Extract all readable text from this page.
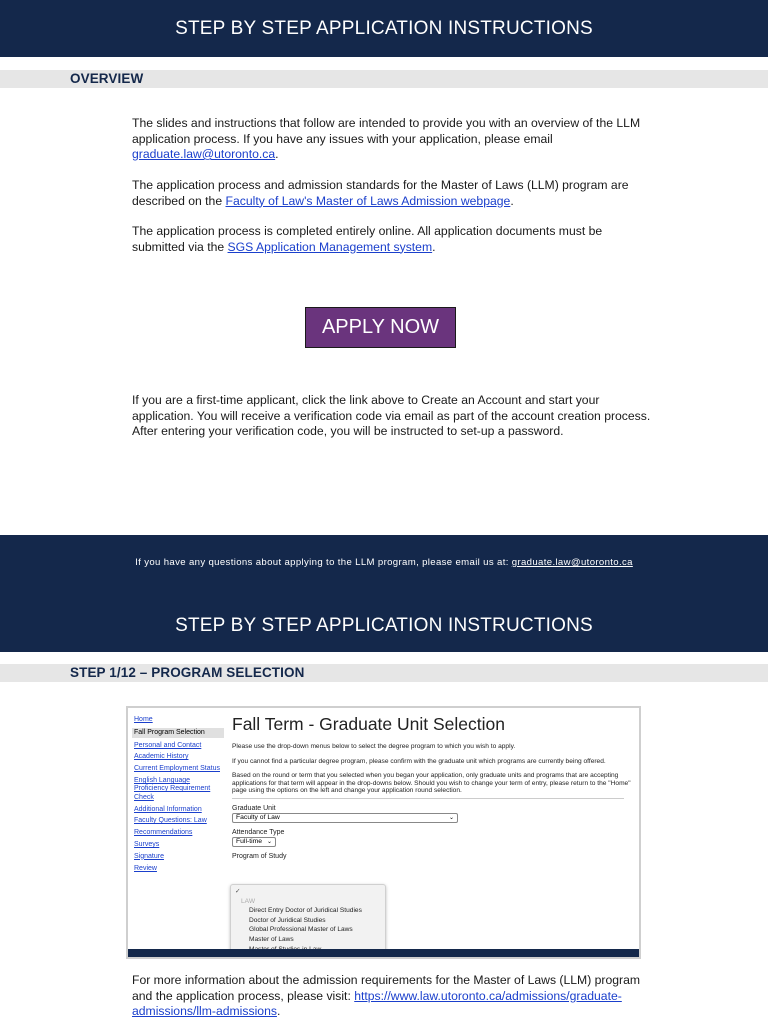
STEP BY STEP APPLICATION INSTRUCTIONS
OVERVIEW
The slides and instructions that follow are intended to provide you with an overview of the LLM application process. If you have any issues with your application, please email graduate.law@utoronto.ca.
The application process and admission standards for the Master of Laws (LLM) program are described on the Faculty of Law's Master of Laws Admission webpage.
The application process is completed entirely online. All application documents must be submitted via the SGS Application Management system.
APPLY NOW
If you are a first-time applicant, click the link above to Create an Account and start your application. You will receive a verification code via email as part of the account creation process. After entering your verification code, you will be instructed to set-up a password.
If you have any questions about applying to the LLM program, please email us at: graduate.law@utoronto.ca
STEP BY STEP APPLICATION INSTRUCTIONS
STEP 1/12 – PROGRAM SELECTION
Home
Fall Program Selection
Personal and Contact
Academic History
Current Employment Status
English Language Proficiency Requirement Check
Additional Information
Faculty Questions: Law
Recommendations
Surveys
Signature
Review
Fall Term - Graduate Unit Selection
Please use the drop-down menus below to select the degree program to which you wish to apply.
If you cannot find a particular degree program, please confirm with the graduate unit which programs are currently being offered.
Based on the round or term that you selected when you began your application, only graduate units and programs that are accepting applications for that term will appear in the drop-downs below. Should you wish to change your term of entry, please return to the "Home" page using the options on the left and change your application round selection.
Graduate Unit
Faculty of Law	⌄
Attendance Type
Full-time ⌄
Program of Study
✓
LAW
Direct Entry Doctor of Juridical Studies
Doctor of Juridical Studies
Global Professional Master of Laws
Master of Laws
For more information about the admission requirements for the Master of Laws (LLM) program and the application process, please visit: https://www.law.utoronto.ca/admissions/graduate-admissions/llm-admissions.
